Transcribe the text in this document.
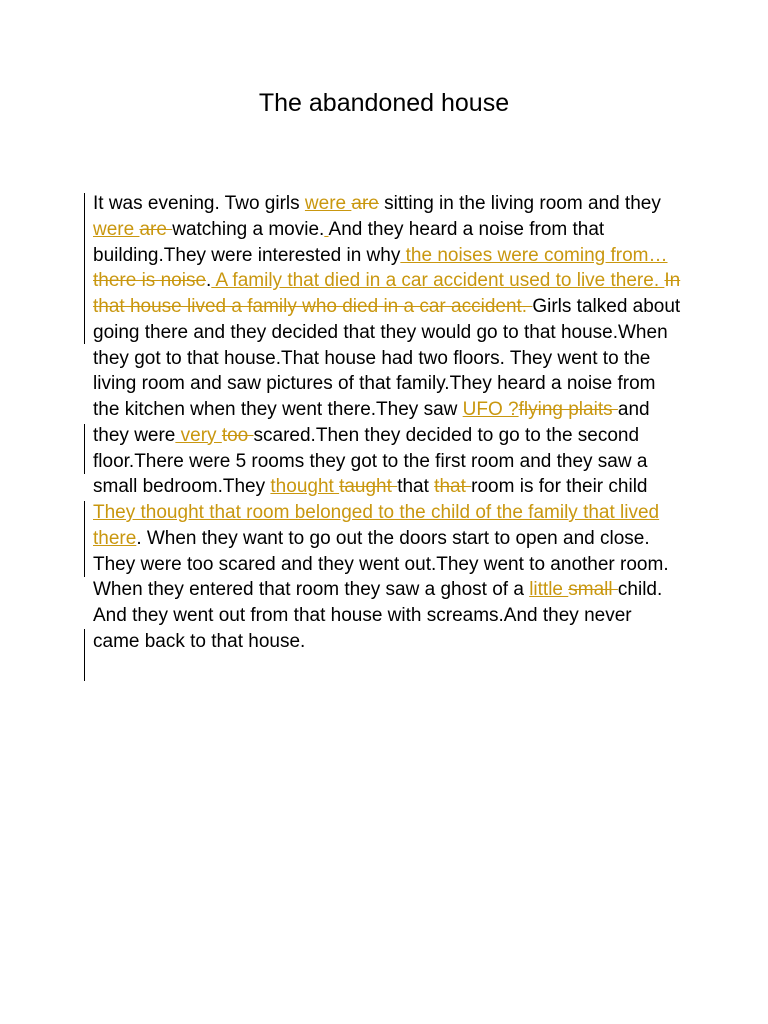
The abandoned house

It was evening. Two girls were are sitting in the living room and they were are watching a movie. And they heard a noise from that building.They were interested in why the noises were coming from… there is noise. A family that died in a car accident used to live there. In that house lived a family who died in a car accident. Girls talked about going there and they decided that they would go to that house.When they got to that house.That house had two floors. They went to the living room and saw pictures of that family.They heard a noise from the kitchen when they went there.They saw UFO ?flying plaits and they were very too scared.Then they decided to go to the second floor.There were 5 rooms they got to the first room and they saw a small bedroom.They thought taught that that room is for their child They thought that room belonged to the child of the family that lived there. When they want to go out the doors start to open and close.

They were too scared and they went out.They went to another room. When they entered that room they saw a ghost of a little small child. And they went out from that house with screams.And they never came back to that house.
